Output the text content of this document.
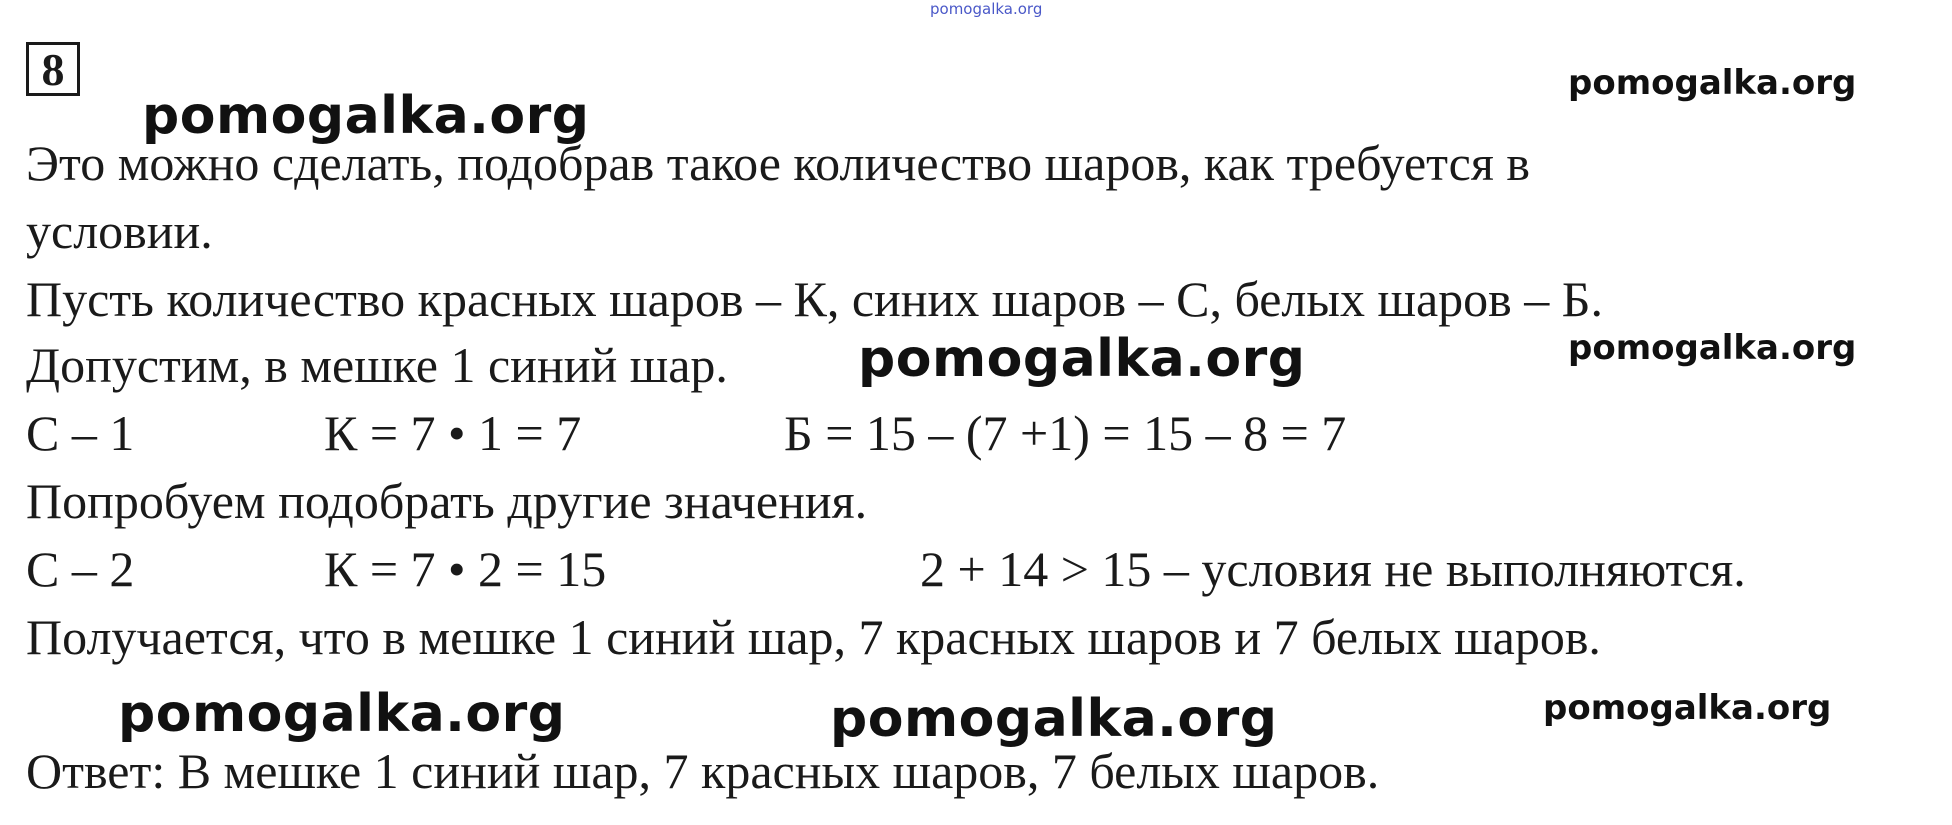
pomogalka.org
8
pomogalka.org
pomogalka.org

Это можно сделать, подобрав такое количество шаров, как требуется в

условии.

Пусть количество красных шаров – К, синих шаров – С, белых шаров – Б.

Допустим, в мешке 1 синий шар.	pomogalka.org	pomogalka.org
С – 1	К = 7 • 1 = 7	Б = 15 – (7 +1) = 15 – 8 = 7

Попробуем подобрать другие значения.

С – 2	К = 7 • 2 = 15	2 + 14 > 15 – условия не выполняются.

Получается, что в мешке 1 синий шар, 7 красных шаров и 7 белых шаров.

pomogalka.org	pomogalka.org	pomogalka.org

Ответ: В мешке 1 синий шар, 7 красных шаров, 7 белых шаров.
